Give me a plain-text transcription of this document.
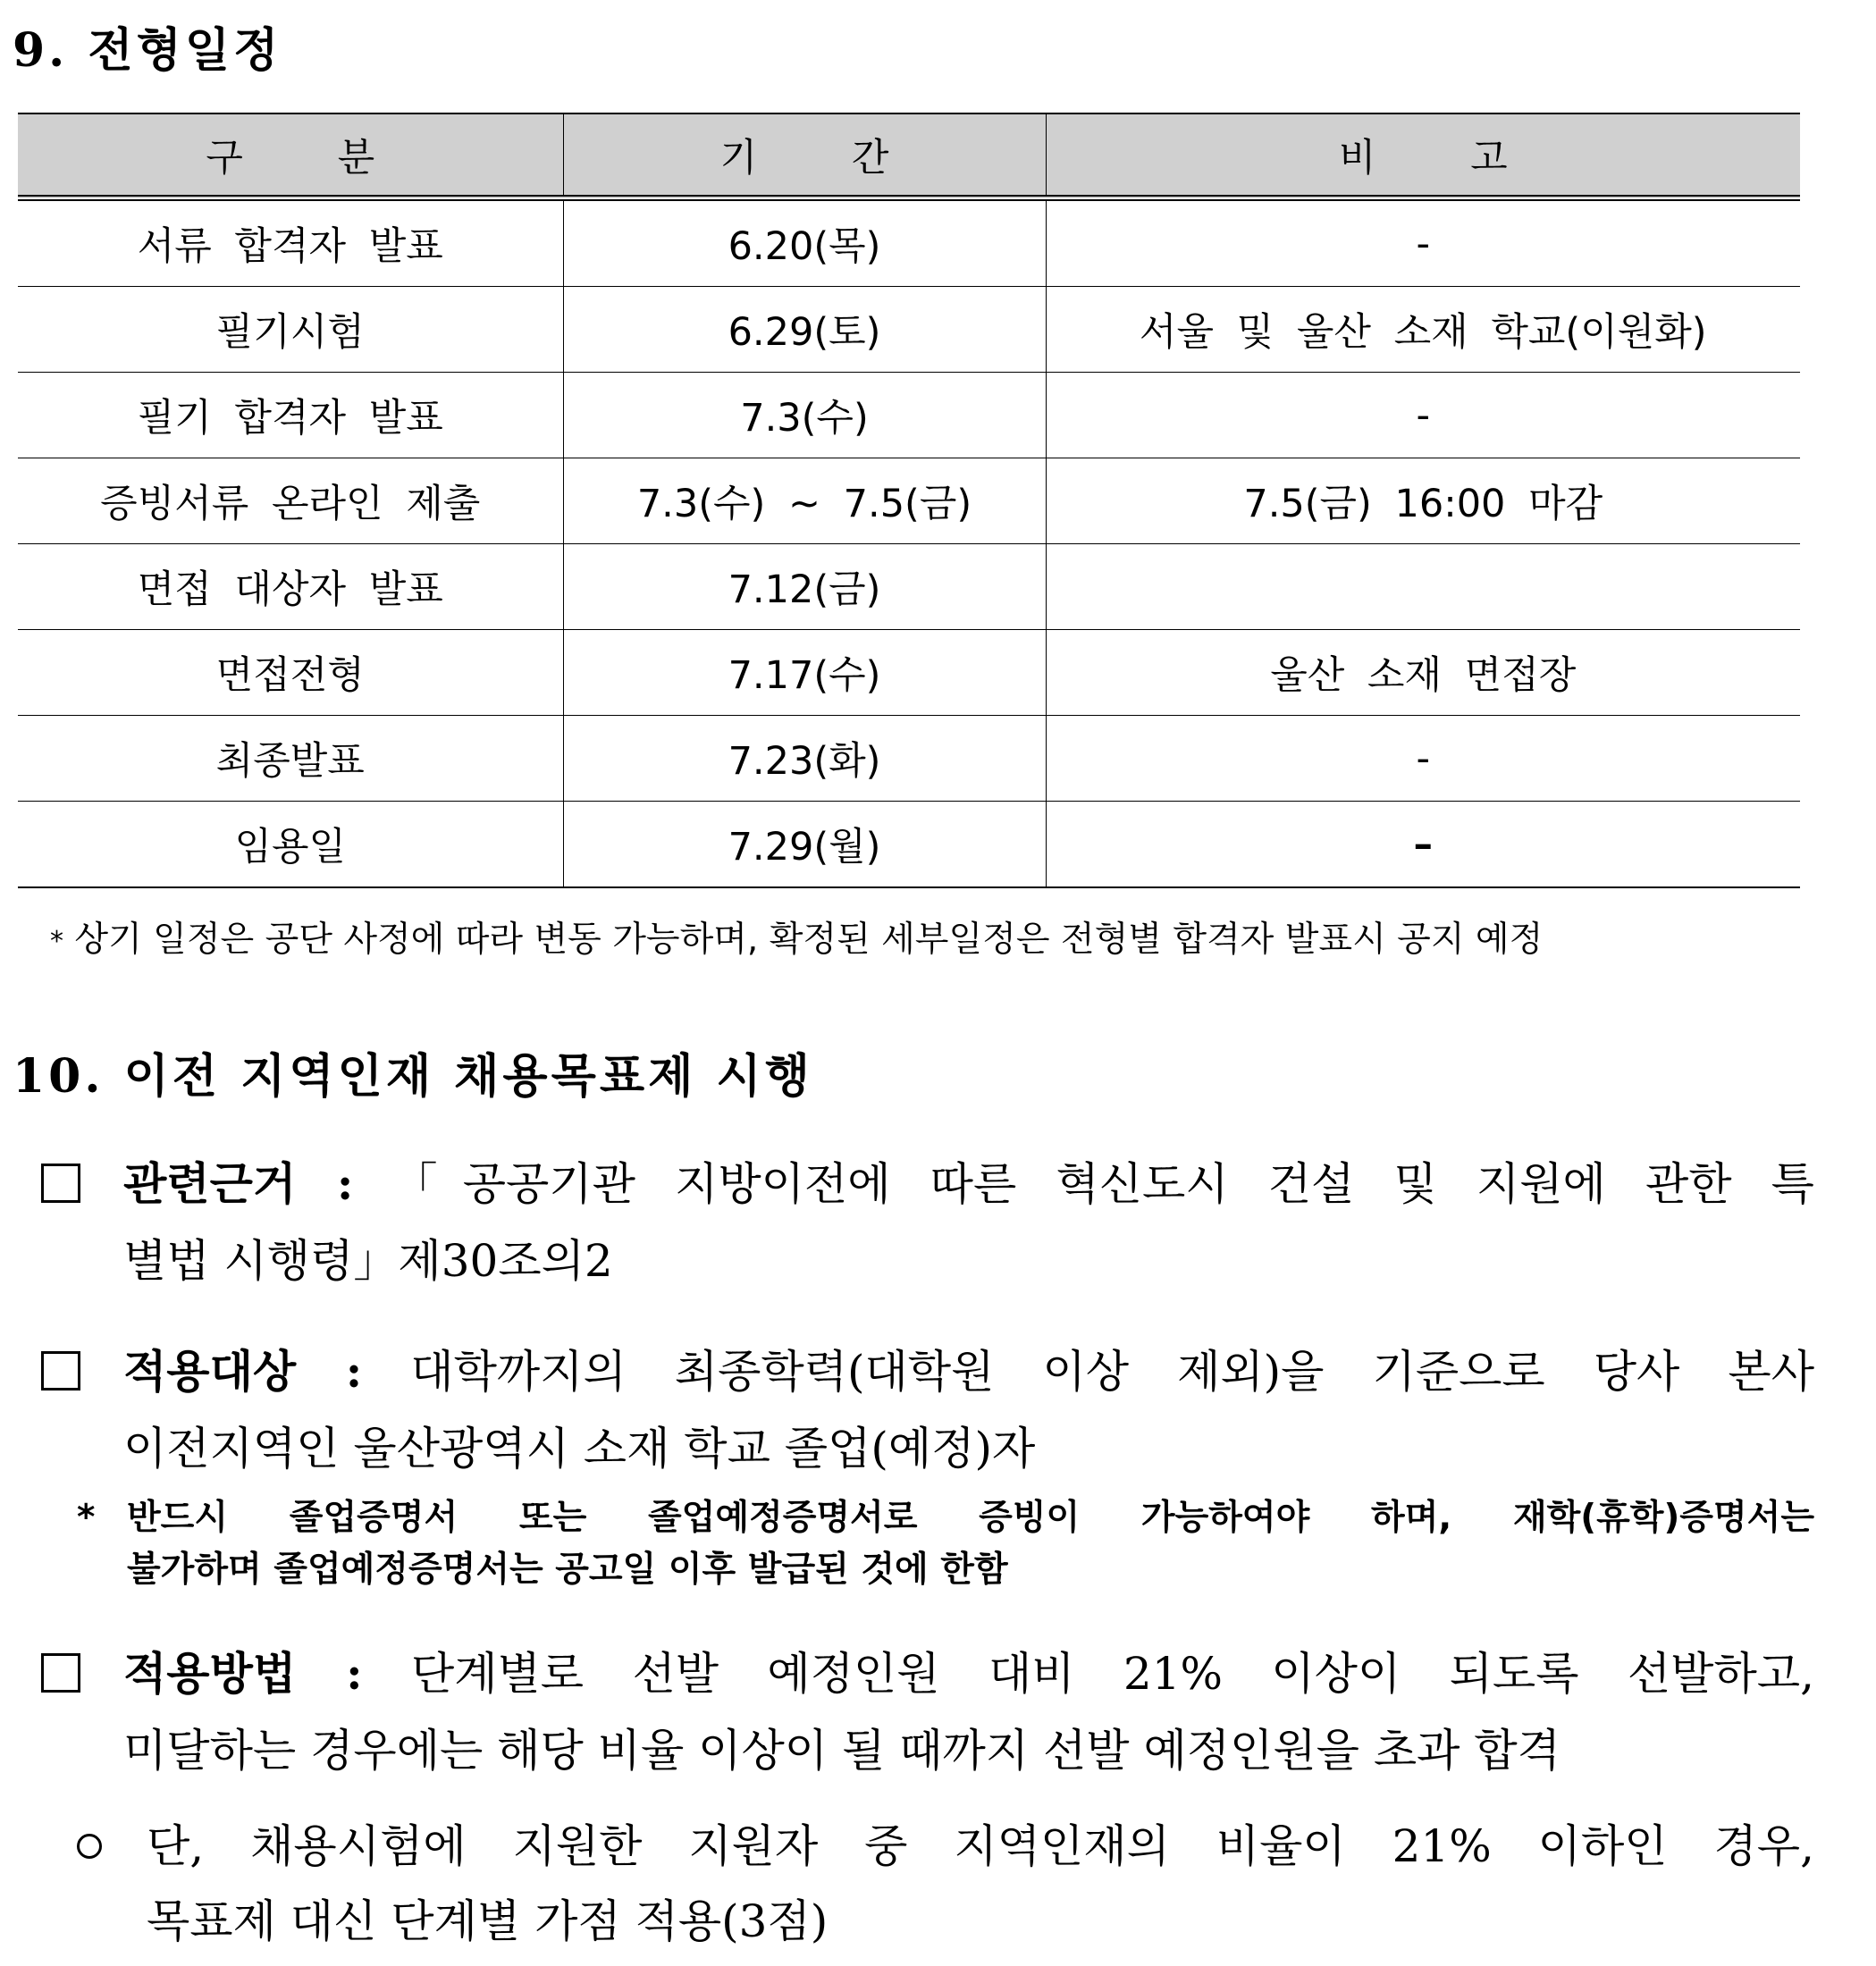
9. 전형일정
구 분	기 간	비 고
서류 합격자 발표	6.20(목)	-
필기시험	6.29(토)	서울 및 울산 소재 학교(이원화)
필기 합격자 발표	7.3(수)	-
증빙서류 온라인 제출	7.3(수) ~ 7.5(금)	7.5(금) 16:00 마감
면접 대상자 발표	7.12(금)	
면접전형	7.17(수)	울산 소재 면접장
최종발표	7.23(화)	-
임용일	7.29(월)	–

* 상기 일정은 공단 사정에 따라 변동 가능하며, 확정된 세부일정은 전형별 합격자 발표시 공지 예정

10. 이전 지역인재 채용목표제 시행
관련근거 : 「공공기관 지방이전에 따른 혁신도시 건설 및 지원에 관한 특
별법 시행령」제30조의2
적용대상 : 대학까지의 최종학력(대학원 이상 제외)을 기준으로 당사 본사
이전지역인 울산광역시 소재 학교 졸업(예정)자
* 반드시 졸업증명서 또는 졸업예정증명서로 증빙이 가능하여야 하며, 재학(휴학)증명서는
불가하며 졸업예정증명서는 공고일 이후 발급된 것에 한함
적용방법 : 단계별로 선발 예정인원 대비 21% 이상이 되도록 선발하고,
미달하는 경우에는 해당 비율 이상이 될 때까지 선발 예정인원을 초과 합격
단, 채용시험에 지원한 지원자 중 지역인재의 비율이 21% 이하인 경우,
목표제 대신 단계별 가점 적용(3점)
